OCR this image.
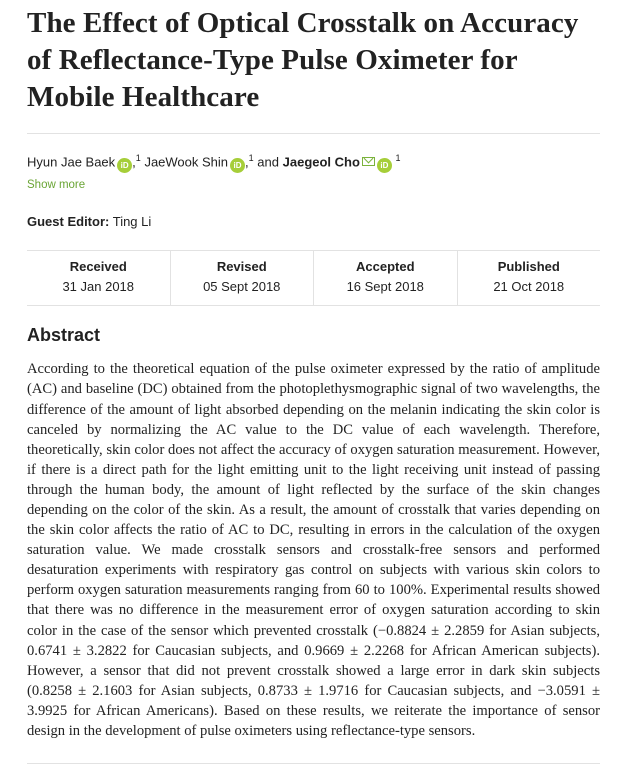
The Effect of Optical Crosstalk on Accuracy of Reflectance-Type Pulse Oximeter for Mobile Healthcare
Hyun Jae Baek iD ,$^1$ JaeWook Shin iD ,$^1$ and Jaegeol Cho	iD $^1$
Show more
Guest Editor: Ting Li
Received
31 Jan 2018
Revised
05 Sept 2018
Accepted
16 Sept 2018
Published
21 Oct 2018
Abstract
According to the theoretical equation of the pulse oximeter expressed by the ratio of amplitude (AC) and baseline (DC) obtained from the photoplethysmographic signal of two wavelengths, the difference of the amount of light absorbed depending on the melanin indicating the skin color is canceled by normalizing the AC value to the DC value of each wavelength. Therefore, theoretically, skin color does not affect the accuracy of oxygen saturation measurement. However, if there is a direct path for the light emitting unit to the light receiving unit instead of passing through the human body, the amount of light reflected by the surface of the skin changes depending on the color of the skin. As a result, the amount of crosstalk that varies depending on the skin color affects the ratio of AC to DC, resulting in errors in the calculation of the oxygen saturation value. We made crosstalk sensors and crosstalk-free sensors and performed desaturation experiments with respiratory gas control on subjects with various skin colors to perform oxygen saturation measurements ranging from 60 to 100%. Experimental results showed that there was no difference in the measurement error of oxygen saturation according to skin color in the case of the sensor which prevented crosstalk (−0.8824 ± 2.2859 for Asian subjects, 0.6741 ± 3.2822 for Caucasian subjects, and 0.9669 ± 2.2268 for African American subjects). However, a sensor that did not prevent crosstalk showed a large error in dark skin subjects (0.8258 ± 2.1603 for Asian subjects, 0.8733 ± 1.9716 for Caucasian subjects, and −3.0591 ± 3.9925 for African Americans). Based on these results, we reiterate the importance of sensor design in the development of pulse oximeters using reflectance-type sensors.
